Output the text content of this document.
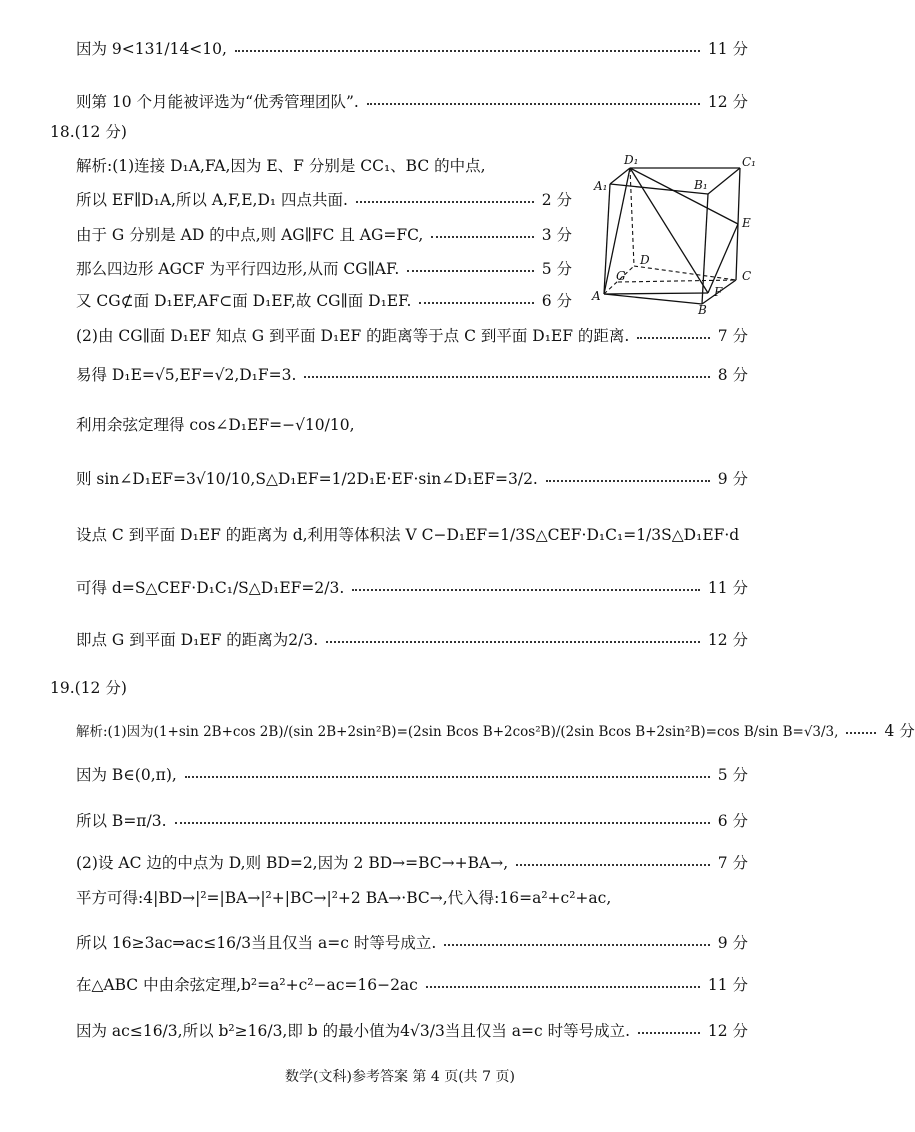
因为 9<131/14<10,	11 分
则第 10 个月能被评选为“优秀管理团队”.	12 分
18.(12 分)
解析:(1)连接 D₁A,FA,因为 E、F 分别是 CC₁、BC 的中点,
所以 EF∥D₁A,所以 A,F,E,D₁ 四点共面.	2 分
由于 G 分别是 AD 的中点,则 AG∥FC 且 AG=FC,	3 分
那么四边形 AGCF 为平行四边形,从而 CG∥AF.	5 分
又 CG⊄面 D₁EF,AF⊂面 D₁EF,故 CG∥面 D₁EF.	6 分
D₁	C₁
A₁	B₁
E
D
G	C
F
A
B
(2)由 CG∥面 D₁EF 知点 G 到平面 D₁EF 的距离等于点 C 到平面 D₁EF 的距离.	7 分
易得 D₁E=√5,EF=√2,D₁F=3.	8 分
利用余弦定理得 cos∠D₁EF=−√10/10,
则 sin∠D₁EF=3√10/10,S△D₁EF=1/2D₁E·EF·sin∠D₁EF=3/2.	9 分
设点 C 到平面 D₁EF 的距离为 d,利用等体积法 V C−D₁EF=1/3S△CEF·D₁C₁=1/3S△D₁EF·d
可得 d=S△CEF·D₁C₁/S△D₁EF=2/3.	11 分
即点 G 到平面 D₁EF 的距离为2/3.	12 分
19.(12 分)
解析:(1)因为(1+sin 2B+cos 2B)/(sin 2B+2sin²B)=(2sin Bcos B+2cos²B)/(2sin Bcos B+2sin²B)=cos B/sin B=√3/3,	4 分
因为 B∈(0,π),	5 分
所以 B=π/3.	6 分
(2)设 AC 边的中点为 D,则 BD=2,因为 2 BD→=BC→+BA→,	7 分
平方可得:4|BD→|²=|BA→|²+|BC→|²+2 BA→·BC→,代入得:16=a²+c²+ac,
所以 16≥3ac⇒ac≤16/3当且仅当 a=c 时等号成立.	9 分
在△ABC 中由余弦定理,b²=a²+c²−ac=16−2ac	11 分
因为 ac≤16/3,所以 b²≥16/3,即 b 的最小值为4√3/3当且仅当 a=c 时等号成立.	12 分
数学(文科)参考答案 第 4 页(共 7 页)
